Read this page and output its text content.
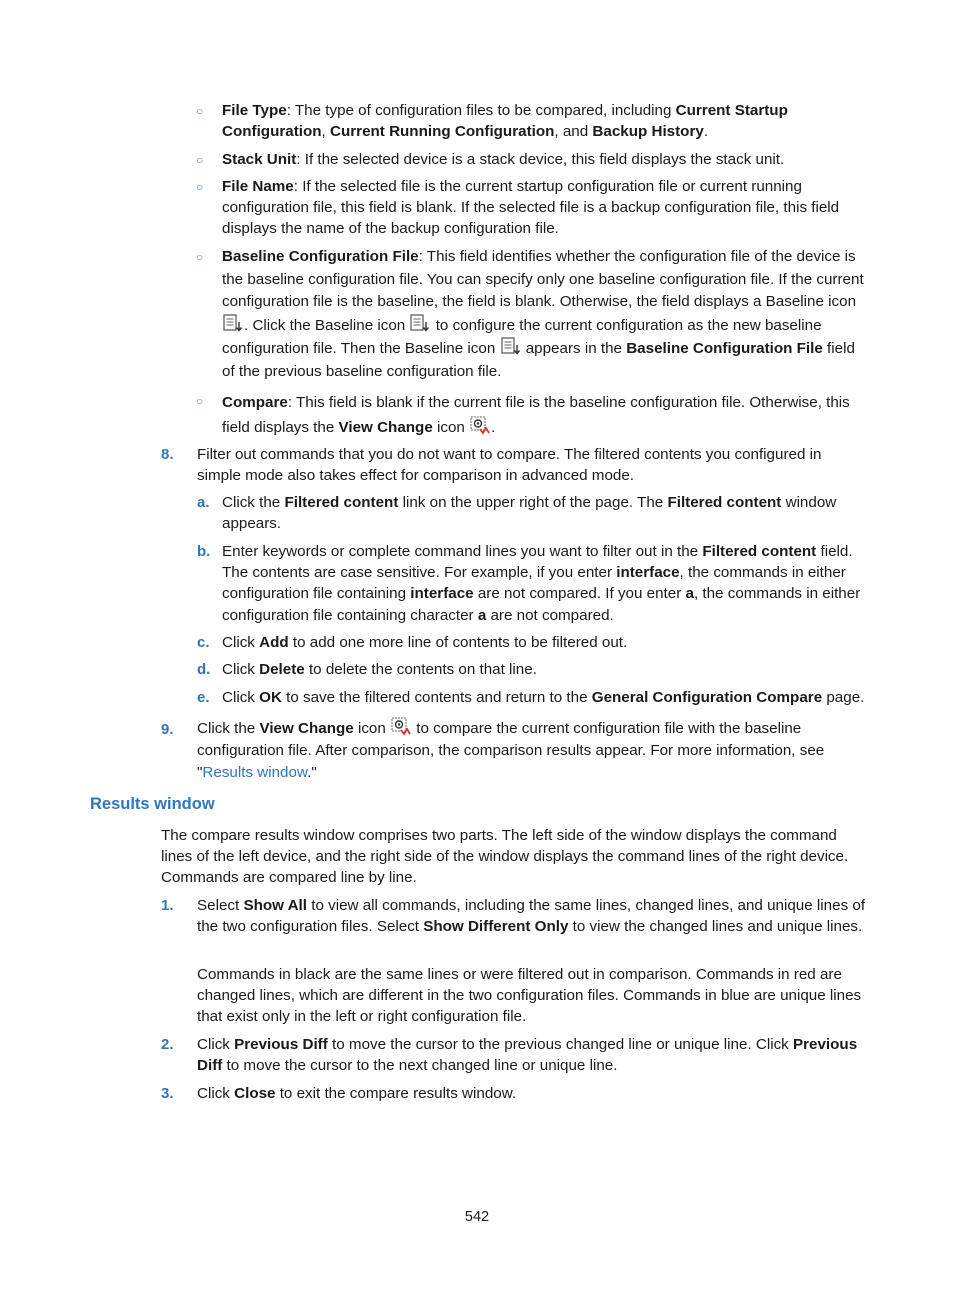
○ File Type: The type of configuration files to be compared, including Current Startup
Configuration, Current Running Configuration, and Backup History.

○ Stack Unit: If the selected device is a stack device, this field displays the stack unit.

○ File Name: If the selected file is the current startup configuration file or current running configuration file, this field is blank. If the selected file is a backup configuration file, this field displays the name of the backup configuration file.

○ Baseline Configuration File: This field identifies whether the configuration file of the device is the baseline configuration file. You can specify only one baseline configuration file. If the current configuration file is the baseline, the field is blank. Otherwise, the field displays a Baseline icon
. Click the Baseline icon
to configure the current configuration as the new baseline configuration file. Then the Baseline icon
appears in the Baseline Configuration File field of the previous baseline configuration file.

○ Compare: This field is blank if the current file is the baseline configuration file. Otherwise, this field displays the View Change icon
.

8. Filter out commands that you do not want to compare. The filtered contents you configured in simple mode also takes effect for comparison in advanced mode.

a. Click the Filtered content link on the upper right of the page. The Filtered content window appears.

b. Enter keywords or complete command lines you want to filter out in the Filtered content field. The contents are case sensitive. For example, if you enter interface, the commands in either configuration file containing interface are not compared. If you enter a, the commands in either configuration file containing character a are not compared.

c. Click Add to add one more line of contents to be filtered out.

d. Click Delete to delete the contents on that line.

e. Click OK to save the filtered contents and return to the General Configuration Compare page.

9. Click the View Change icon
to compare the current configuration file with the baseline configuration file. After comparison, the comparison results appear. For more information, see "Results window."

Results window

The compare results window comprises two parts. The left side of the window displays the command lines of the left device, and the right side of the window displays the command lines of the right device. Commands are compared line by line.

1. Select Show All to view all commands, including the same lines, changed lines, and unique lines of the two configuration files. Select Show Different Only to view the changed lines and unique lines.

Commands in black are the same lines or were filtered out in comparison. Commands in red are changed lines, which are different in the two configuration files. Commands in blue are unique lines that exist only in the left or right configuration file.

2. Click Previous Diff to move the cursor to the previous changed line or unique line. Click Previous Diff to move the cursor to the next changed line or unique line.

3. Click Close to exit the compare results window.

542
